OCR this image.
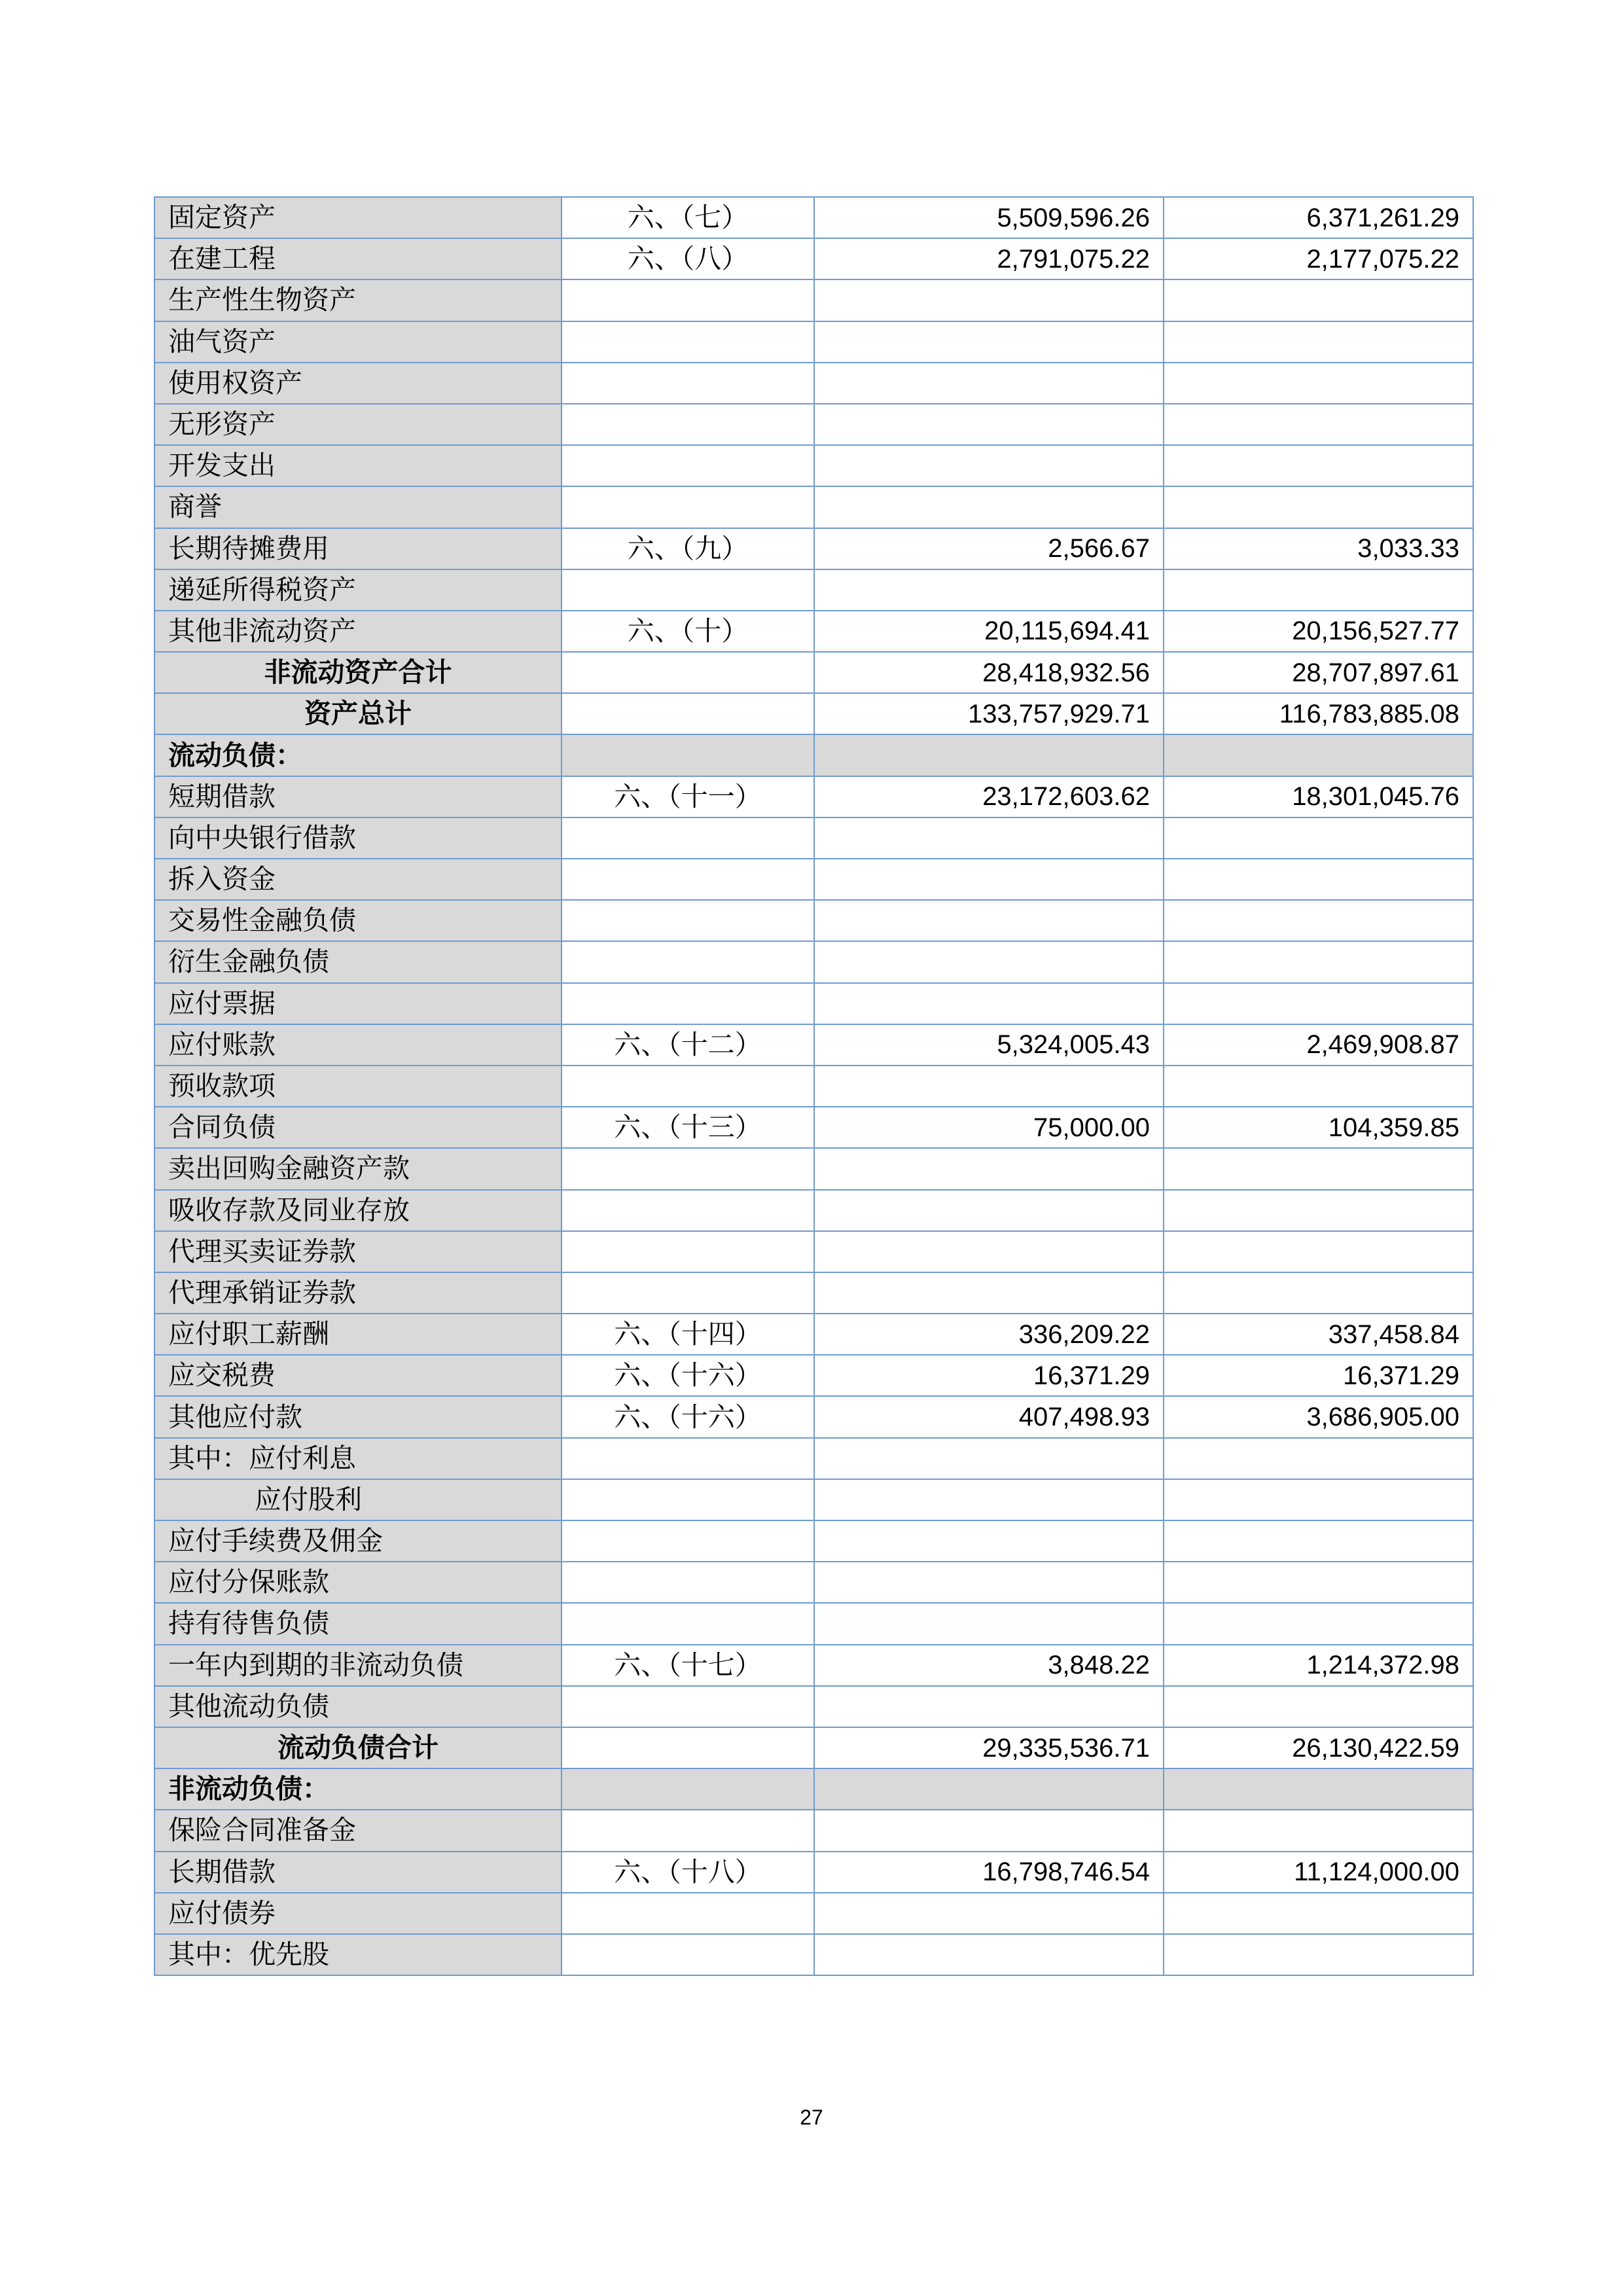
固定资产	六、（七）	5,509,596.26	6,371,261.29
在建工程	六、（八）	2,791,075.22	2,177,075.22
生产性生物资产			
油气资产			
使用权资产			
无形资产			
开发支出			
商誉			
长期待摊费用	六、（九）	2,566.67	3,033.33
递延所得税资产			
其他非流动资产	六、（十）	20,115,694.41	20,156,527.77
非流动资产合计		28,418,932.56	28,707,897.61
资产总计		133,757,929.71	116,783,885.08
流动负债：			
短期借款	六、（十一）	23,172,603.62	18,301,045.76
向中央银行借款			
拆入资金			
交易性金融负债			
衍生金融负债			
应付票据			
应付账款	六、（十二）	5,324,005.43	2,469,908.87
预收款项			
合同负债	六、（十三）	75,000.00	104,359.85
卖出回购金融资产款			
吸收存款及同业存放			
代理买卖证券款			
代理承销证券款			
应付职工薪酬	六、（十四）	336,209.22	337,458.84
应交税费	六、（十六）	16,371.29	16,371.29
其他应付款	六、（十六）	407,498.93	3,686,905.00
其中：应付利息			
应付股利			
应付手续费及佣金			
应付分保账款			
持有待售负债			
一年内到期的非流动负债	六、（十七）	3,848.22	1,214,372.98
其他流动负债			
流动负债合计		29,335,536.71	26,130,422.59
非流动负债：			
保险合同准备金			
长期借款	六、（十八）	16,798,746.54	11,124,000.00
应付债券			
其中：优先股			
27
